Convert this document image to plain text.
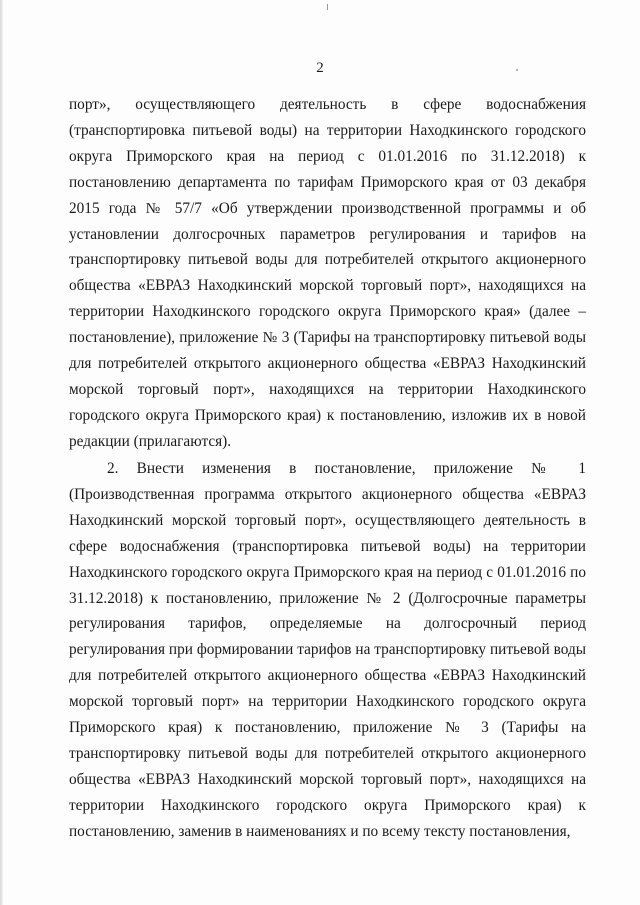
2

порт», осуществляющего деятельность в сфере водоснабжения (транспортировка питьевой воды) на территории Находкинского городского округа Приморского края на период с 01.01.2016 по 31.12.2018) к постановлению департамента по тарифам Приморского края от 03 декабря 2015 года № 57/7 «Об утверждении производственной программы и об установлении долгосрочных параметров регулирования и тарифов на транспортировку питьевой воды для потребителей открытого акционерного общества «ЕВРАЗ Находкинский морской торговый порт», находящихся на территории Находкинского городского округа Приморского края» (далее – постановление), приложение № 3 (Тарифы на транспортировку питьевой воды для потребителей открытого акционерного общества «ЕВРАЗ Находкинский морской торговый порт», находящихся на территории Находкинского городского округа Приморского края) к постановлению, изложив их в новой редакции (прилагаются).

2. Внести изменения в постановление, приложение № 1 (Производственная программа открытого акционерного общества «ЕВРАЗ Находкинский морской торговый порт», осуществляющего деятельность в сфере водоснабжения (транспортировка питьевой воды) на территории Находкинского городского округа Приморского края на период с 01.01.2016 по 31.12.2018) к постановлению, приложение № 2 (Долгосрочные параметры регулирования тарифов, определяемые на долгосрочный период регулирования при формировании тарифов на транспортировку питьевой воды для потребителей открытого акционерного общества «ЕВРАЗ Находкинский морской торговый порт» на территории Находкинского городского округа Приморского края) к постановлению, приложение № 3 (Тарифы на транспортировку питьевой воды для потребителей открытого акционерного общества «ЕВРАЗ Находкинский морской торговый порт», находящихся на территории Находкинского городского округа Приморского края) к постановлению, заменив в наименованиях и по всему тексту постановления,
